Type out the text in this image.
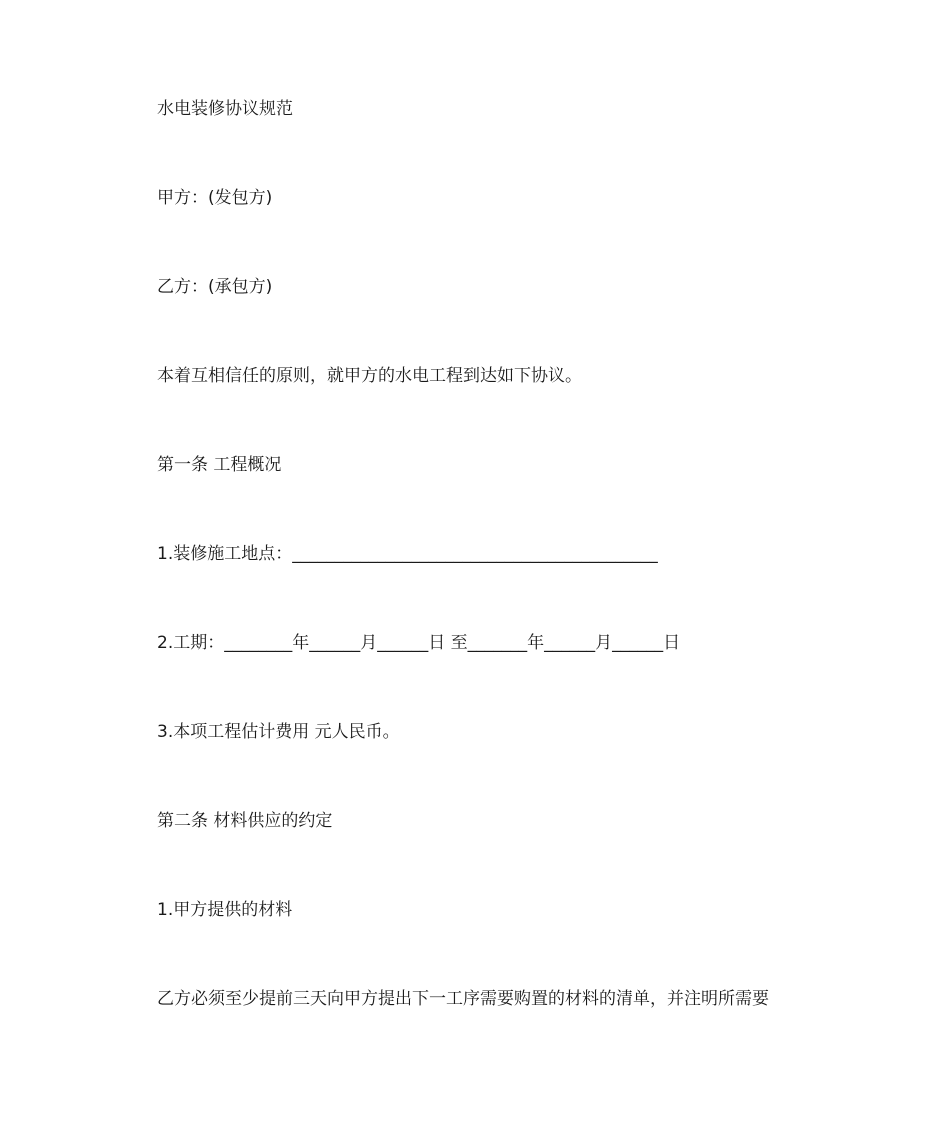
水电装修协议规范
甲方：(发包方)
乙方：(承包方)
本着互相信任的原则，就甲方的水电工程到达如下协议。
第一条 工程概况
1.装修施工地点：___________________________________________
2.工期：________年______月______日 至_______年______月______日
3.本项工程估计费用 元人民币。
第二条 材料供应的约定
1.甲方提供的材料
乙方必须至少提前三天向甲方提出下一工序需要购置的材料的清单，并注明所需要
